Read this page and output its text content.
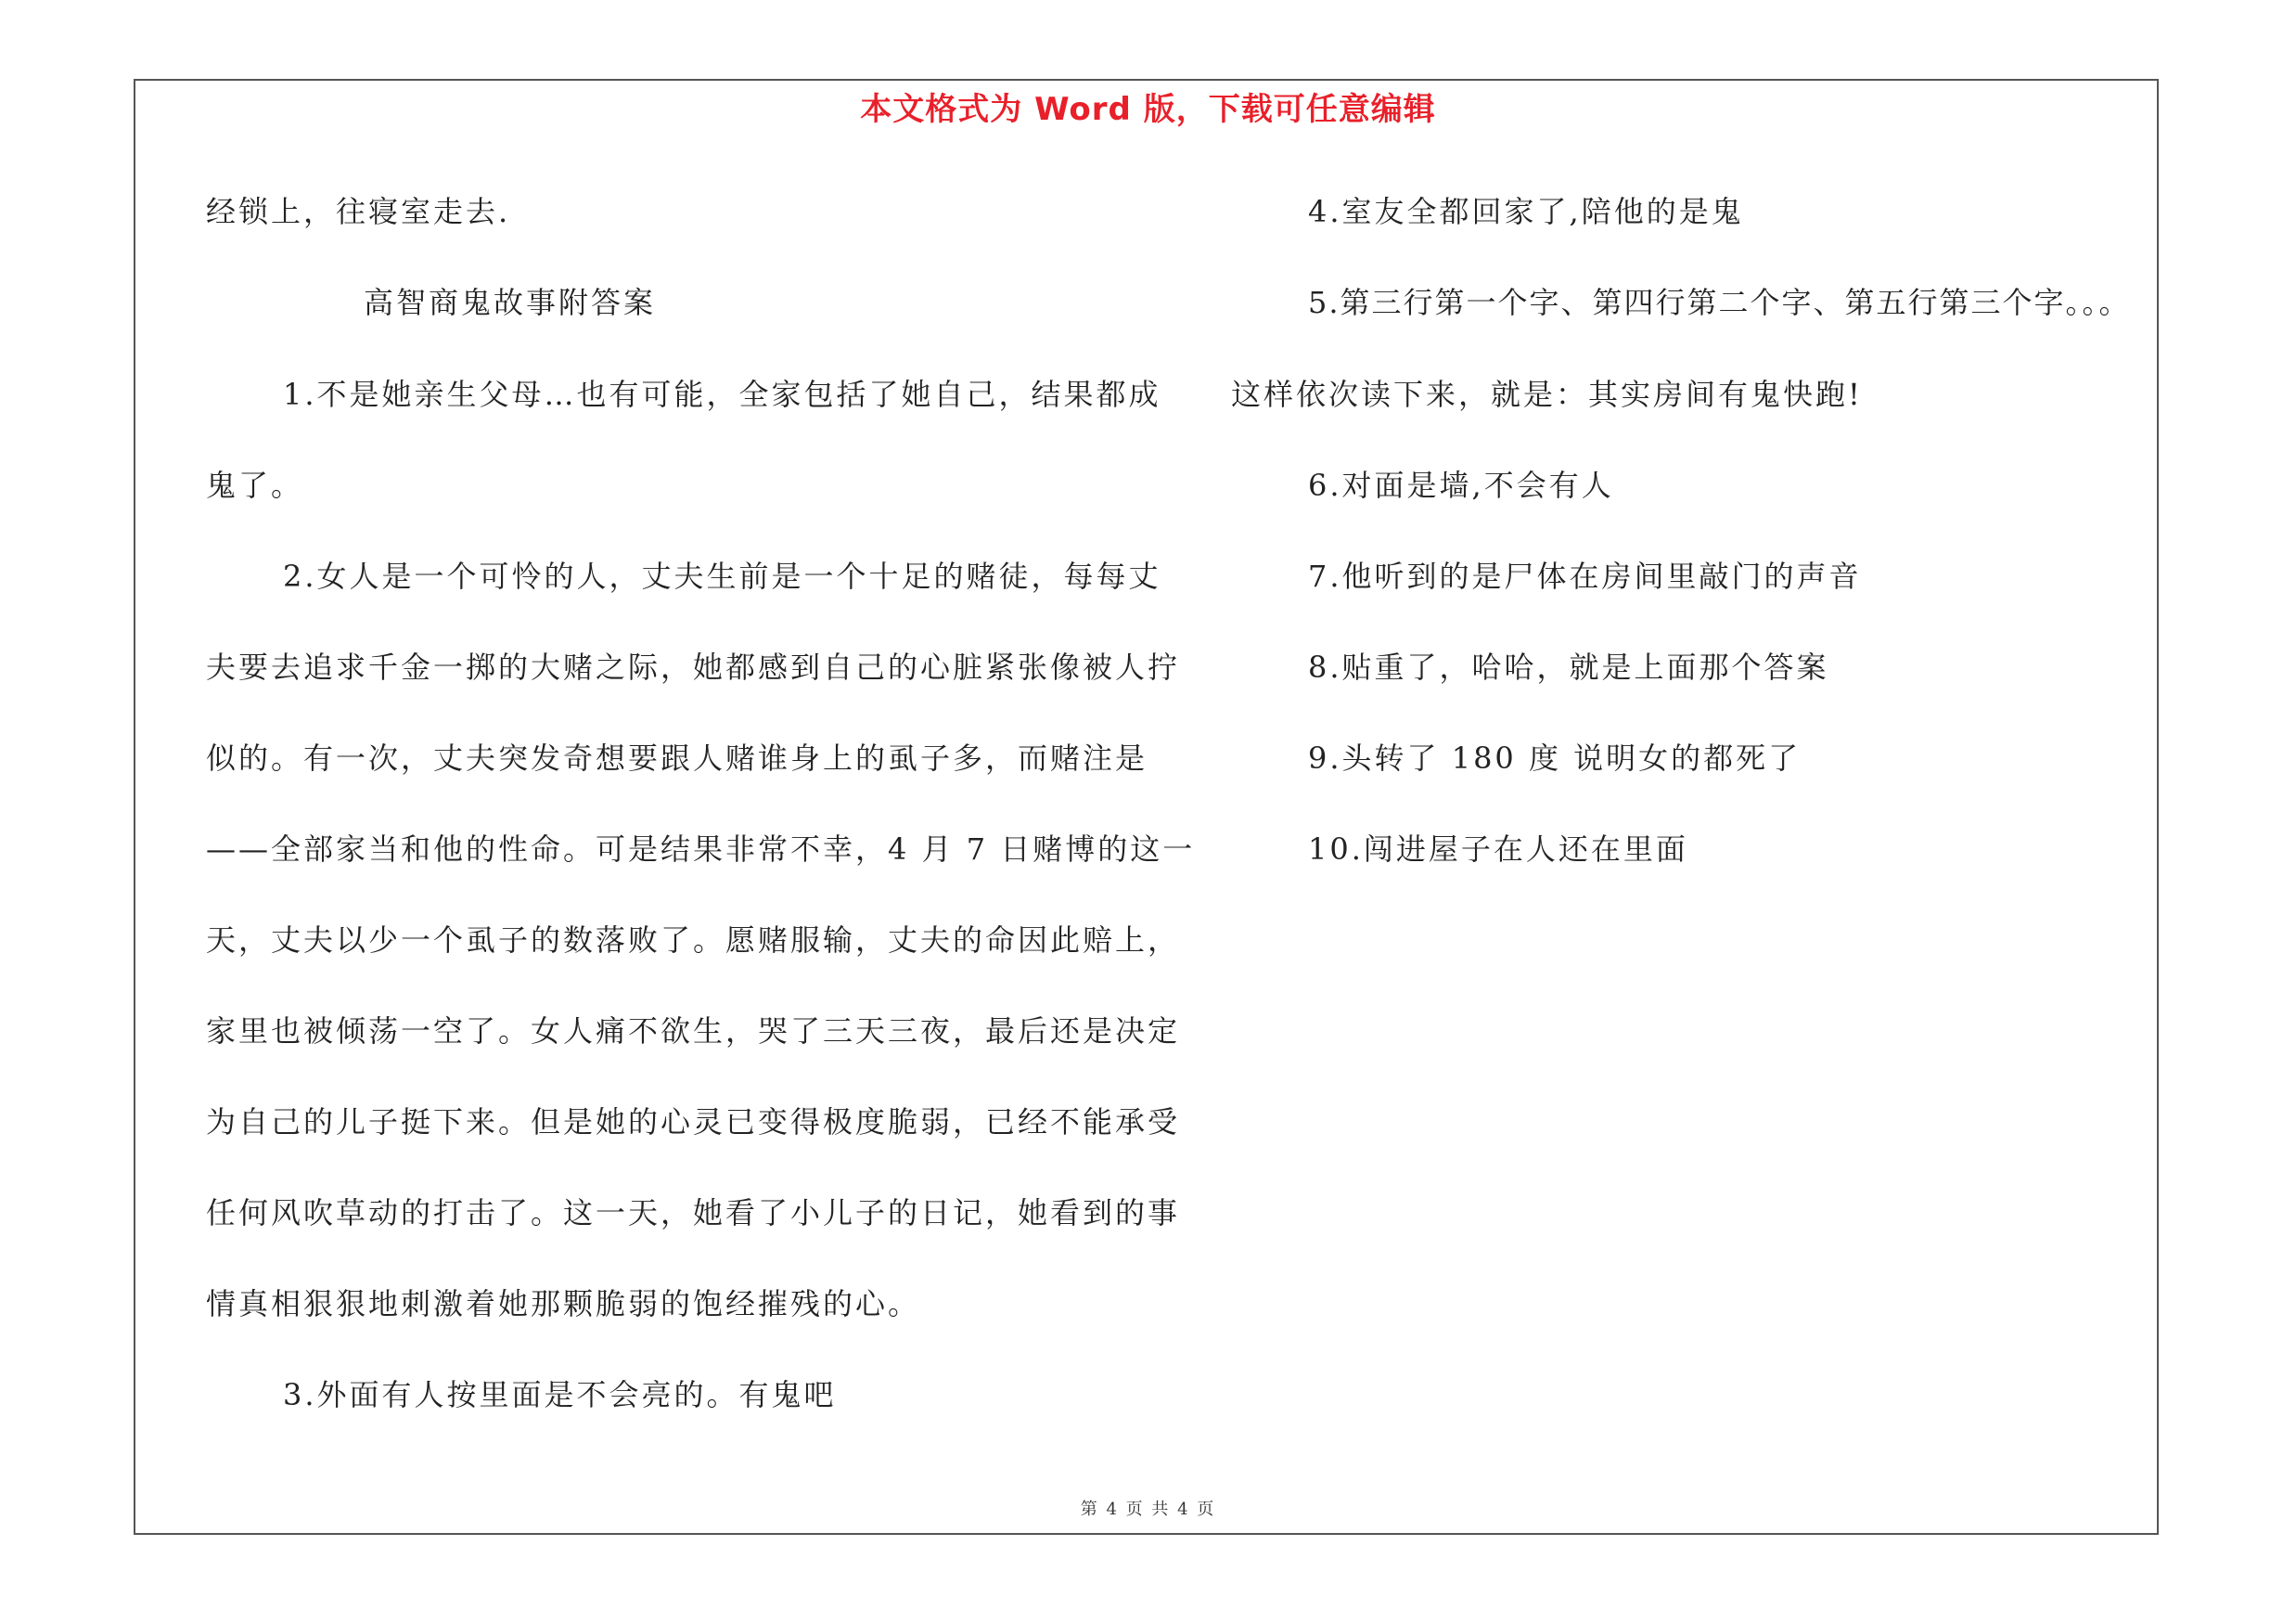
本文格式为 Word 版，下载可任意编辑
经锁上，往寝室走去.
高智商鬼故事附答案
1.不是她亲生父母…也有可能，全家包括了她自己，结果都成
鬼了。
2.女人是一个可怜的人，丈夫生前是一个十足的赌徒，每每丈
夫要去追求千金一掷的大赌之际，她都感到自己的心脏紧张像被人拧
似的。有一次，丈夫突发奇想要跟人赌谁身上的虱子多，而赌注是
——全部家当和他的性命。可是结果非常不幸，4 月 7 日赌博的这一
天，丈夫以少一个虱子的数落败了。愿赌服输，丈夫的命因此赔上，
家里也被倾荡一空了。女人痛不欲生，哭了三天三夜，最后还是决定
为自己的儿子挺下来。但是她的心灵已变得极度脆弱，已经不能承受
任何风吹草动的打击了。这一天，她看了小儿子的日记，她看到的事
情真相狠狠地刺激着她那颗脆弱的饱经摧残的心。
3.外面有人按里面是不会亮的。有鬼吧
4.室友全都回家了,陪他的是鬼
5.第三行第一个字、第四行第二个字、第五行第三个字。。。
这样依次读下来，就是：其实房间有鬼快跑!
6.对面是墙,不会有人
7.他听到的是尸体在房间里敲门的声音
8.贴重了，哈哈，就是上面那个答案
9.头转了 180 度 说明女的都死了
10.闯进屋子在人还在里面
第 4 页 共 4 页
